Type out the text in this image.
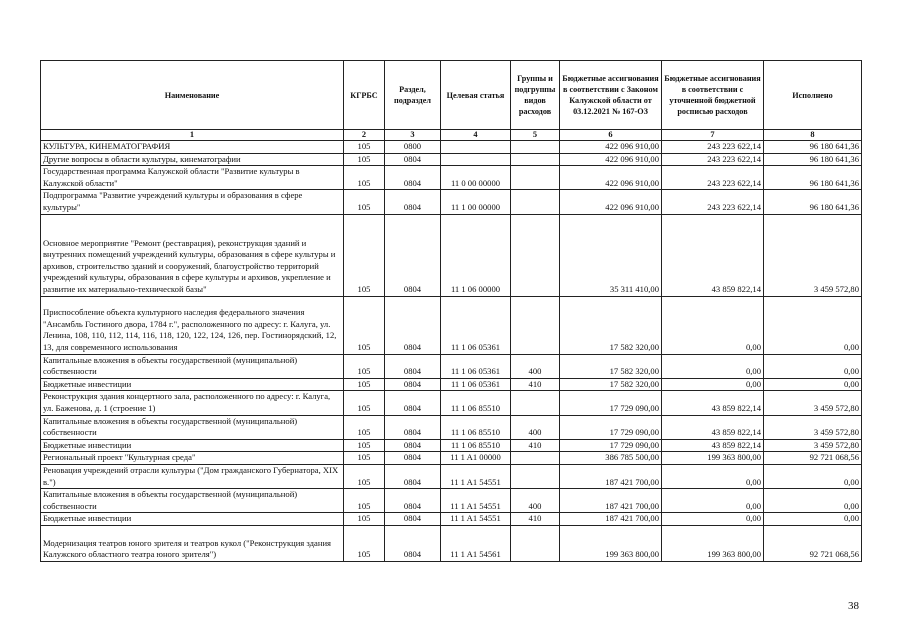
Наименование	КГРБС	Раздел, подраздел	Целевая статья	Группы и подгруппы видов расходов	Бюджетные ассигнования в соответствии с Законом Калужской области от 03.12.2021 № 167-ОЗ	Бюджетные ассигнования в соответствии с уточненной бюджетной росписью расходов	Исполнено
1	2	3	4	5	6	7	8
КУЛЬТУРА, КИНЕМАТОГРАФИЯ	105	0800			422 096 910,00	243 223 622,14	96 180 641,36
Другие вопросы в области культуры, кинематографии	105	0804			422 096 910,00	243 223 622,14	96 180 641,36
Государственная программа Калужской области "Развитие культуры в Калужской области"	105	0804	11 0 00 00000		422 096 910,00	243 223 622,14	96 180 641,36
Подпрограмма "Развитие учреждений культуры и образования в сфере культуры"	105	0804	11 1 00 00000		422 096 910,00	243 223 622,14	96 180 641,36
Основное мероприятие "Ремонт (реставрация), реконструкция зданий и внутренних помещений учреждений культуры, образования в сфере культуры и архивов, строительство зданий и сооружений, благоустройство территорий учреждений культуры, образования в сфере культуры и архивов, укрепление и развитие их материально-технической базы"	105	0804	11 1 06 00000		35 311 410,00	43 859 822,14	3 459 572,80
Приспособление объекта культурного наследия федерального значения "Ансамбль Гостиного двора, 1784 г.", расположенного по адресу: г. Калуга, ул. Ленина, 108, 110, 112, 114, 116, 118, 120, 122, 124, 126, пер. Гостинорядский, 12, 13, для современного использования	105	0804	11 1 06 05361		17 582 320,00	0,00	0,00
Капитальные вложения в объекты государственной (муниципальной) собственности	105	0804	11 1 06 05361	400	17 582 320,00	0,00	0,00
Бюджетные инвестиции	105	0804	11 1 06 05361	410	17 582 320,00	0,00	0,00
Реконструкция здания концертного зала, расположенного по адресу: г. Калуга, ул. Баженова, д. 1 (строение 1)	105	0804	11 1 06 85510		17 729 090,00	43 859 822,14	3 459 572,80
Капитальные вложения в объекты государственной (муниципальной) собственности	105	0804	11 1 06 85510	400	17 729 090,00	43 859 822,14	3 459 572,80
Бюджетные инвестиции	105	0804	11 1 06 85510	410	17 729 090,00	43 859 822,14	3 459 572,80
Региональный проект "Культурная среда"	105	0804	11 1 A1 00000		386 785 500,00	199 363 800,00	92 721 068,56
Реновация учреждений отрасли культуры ("Дом гражданского Губернатора, XIX в.")	105	0804	11 1 A1 54551		187 421 700,00	0,00	0,00
Капитальные вложения в объекты государственной (муниципальной) собственности	105	0804	11 1 A1 54551	400	187 421 700,00	0,00	0,00
Бюджетные инвестиции	105	0804	11 1 A1 54551	410	187 421 700,00	0,00	0,00
Модернизация театров юного зрителя и театров кукол ("Реконструкция здания Калужского областного театра юного зрителя")	105	0804	11 1 A1 54561		199 363 800,00	199 363 800,00	92 721 068,56
38
